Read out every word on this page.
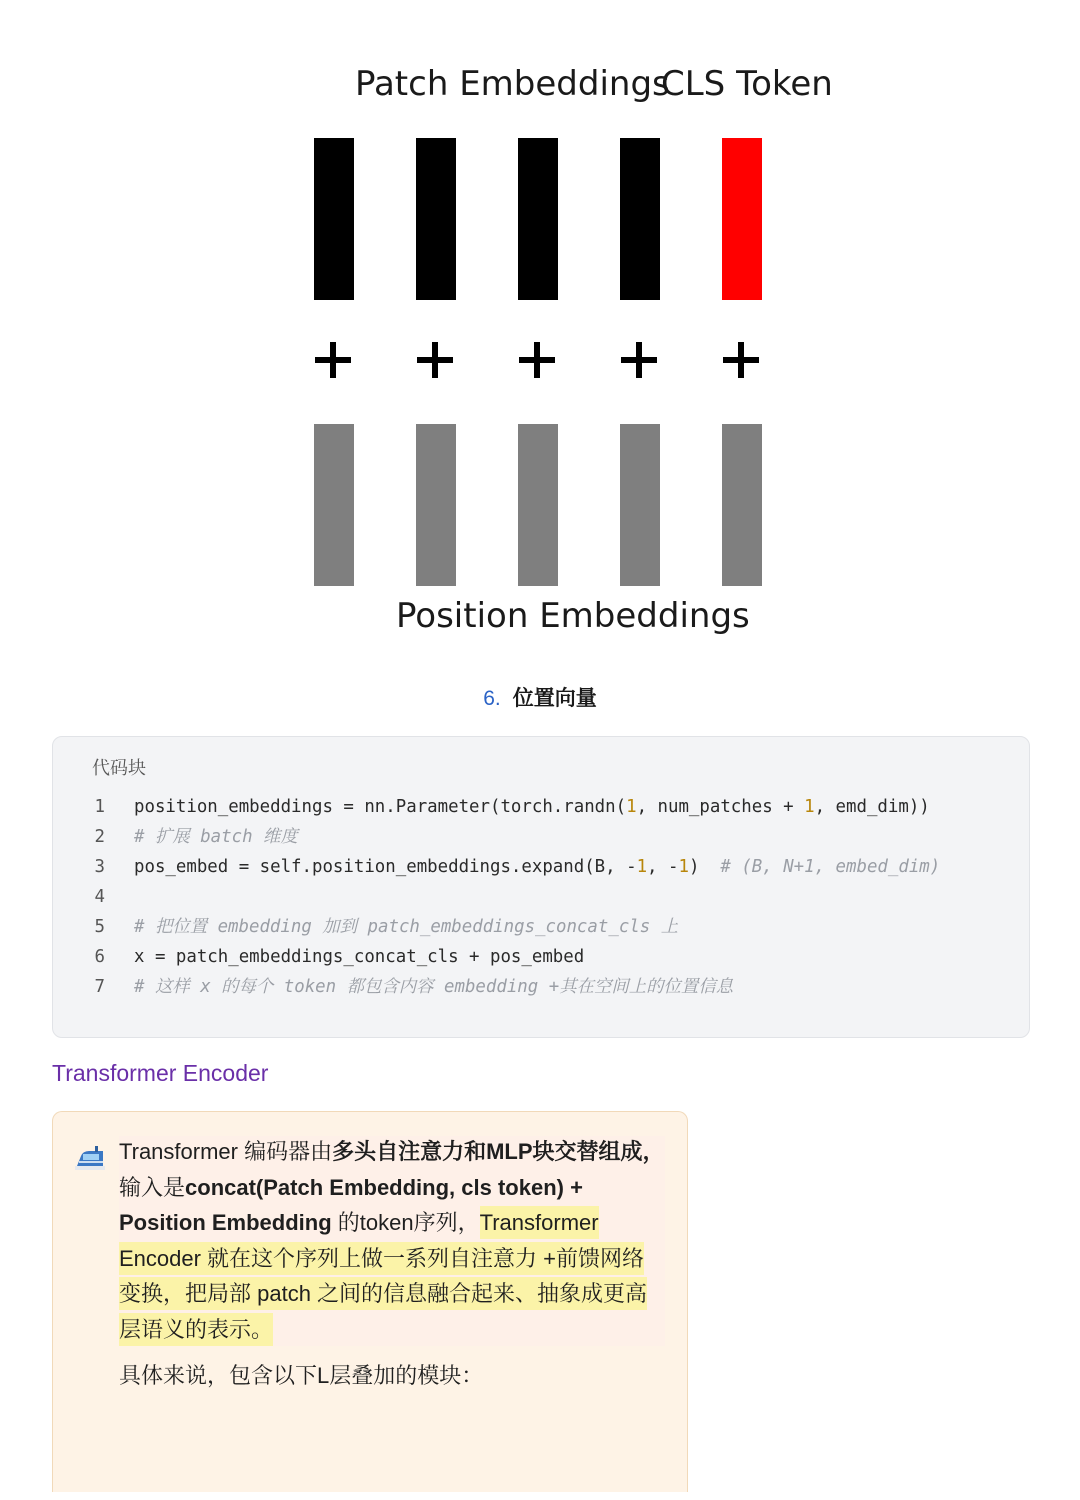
Patch Embeddings
CLS Token
Position Embeddings
6. 位置向量
代码块
1 position_embeddings = nn.Parameter(torch.randn(1, num_patches + 1, emd_dim))
2 # 扩展 batch 维度
3 pos_embed = self.position_embeddings.expand(B, -1, -1)  # (B, N+1, embed_dim)
4
5 # 把位置 embedding 加到 patch_embeddings_concat_cls 上
6 x = patch_embeddings_concat_cls + pos_embed
7 # 这样 x 的每个 token 都包含内容 embedding +其在空间上的位置信息
Transformer Encoder
Transformer 编码器由多头自注意力和MLP块交替组成，
输入是concat(Patch Embedding, cls token) + Position Embedding 的token序列，Transformer Encoder 就在这个序列上做一系列自注意力 +前馈网络变换，把局部 patch 之间的信息融合起来、抽象成更高层语义的表示。
具体来说，包含以下L层叠加的模块：
